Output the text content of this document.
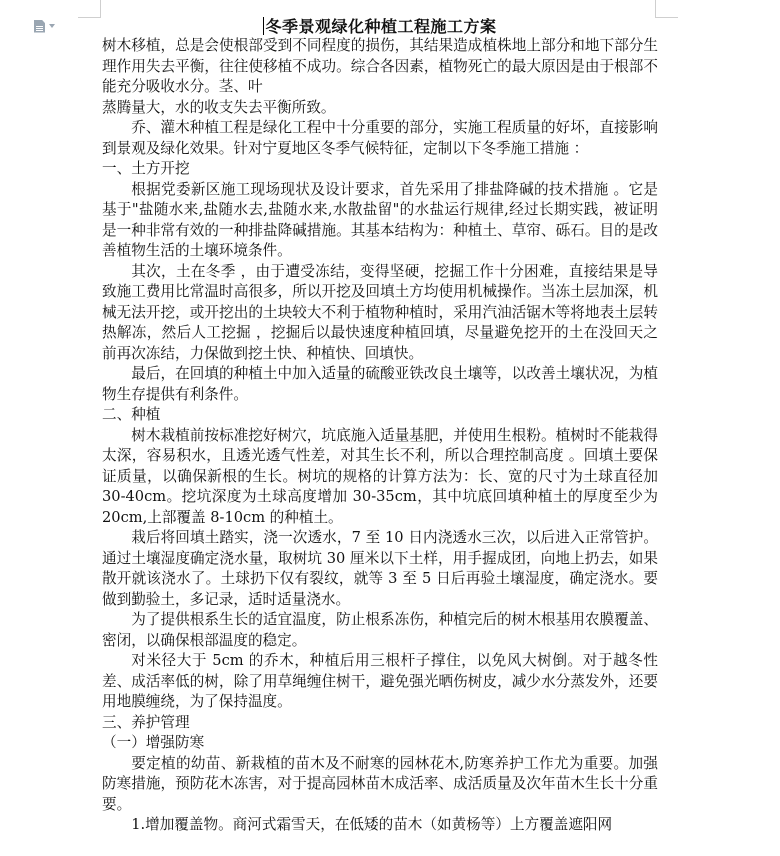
冬季景观绿化种植工程施工方案

树木移植，总是会使根部受到不同程度的损伤，其结果造成植株地上部分和地下部分生理作用失去平衡，往往使移植不成功。综合各因素，植物死亡的最大原因是由于根部不能充分吸收水分。茎、叶

蒸腾量大，水的收支失去平衡所致。

乔、灌木种植工程是绿化工程中十分重要的部分，实施工程质量的好坏，直接影响到景观及绿化效果。针对宁夏地区冬季气候特征，定制以下冬季施工措施 ：

一、土方开挖

根据党委新区施工现场现状及设计要求，首先采用了排盐降碱的技术措施 。它是基于"盐随水来,盐随水去,盐随水来,水散盐留"的水盐运行规律,经过长期实践，被证明是一种非常有效的一种排盐降碱措施。其基本结构为：种植土、草帘、砾石。目的是改善植物生活的土壤环境条件。

其次，土在冬季 ，由于遭受冻结，变得坚硬，挖掘工作十分困难，直接结果是导致施工费用比常温时高很多，所以开挖及回填土方均使用机械操作。当冻土层加深，机械无法开挖，或开挖出的土块较大不利于植物种植时，采用汽油活锯木等将地表土层转热解冻，然后人工挖掘 ，挖掘后以最快速度种植回填，尽量避免挖开的土在没回天之前再次冻结，力保做到挖土快、种植快、回填快。

最后，在回填的种植土中加入适量的硫酸亚铁改良土壤等，以改善土壤状况，为植物生存提供有利条件。

二、种植

树木栽植前按标准挖好树穴，坑底施入适量基肥，并使用生根粉。植树时不能栽得太深，容易积水，且透光透气性差，对其生长不利，所以合理控制高度 。回填土要保证质量，以确保新根的生长。树坑的规格的计算方法为：长、宽的尺寸为土球直径加 30-40cm。挖坑深度为土球高度增加 30-35cm，其中坑底回填种植土的厚度至少为 20cm,上部覆盖 8-10cm 的种植土。

栽后将回填土踏实，浇一次透水，7 至 10 日内浇透水三次，以后进入正常管护。通过土壤湿度确定浇水量，取树坑 30 厘米以下土样，用手握成团，向地上扔去，如果散开就该浇水了。土球扔下仅有裂纹，就等 3 至 5 日后再验土壤湿度，确定浇水。要做到勤验土，多记录，适时适量浇水。

为了提供根系生长的适宜温度，防止根系冻伤，种植完后的树木根基用农膜覆盖、密闭，以确保根部温度的稳定。

对米径大于 5cm 的乔木，种植后用三根杆子撑住，以免风大树倒。对于越冬性差、成活率低的树，除了用草绳缠住树干，避免强光晒伤树皮，减少水分蒸发外，还要用地膜缠绕，为了保持温度。

三、养护管理

（一）增强防寒

要定植的幼苗、新栽植的苗木及不耐寒的园林花木,防寒养护工作尤为重要。加强防寒措施，预防花木冻害，对于提高园林苗木成活率、成活质量及次年苗木生长十分重要。

1.增加覆盖物。商河式霜雪天，在低矮的苗木（如黄杨等）上方覆盖遮阳网
